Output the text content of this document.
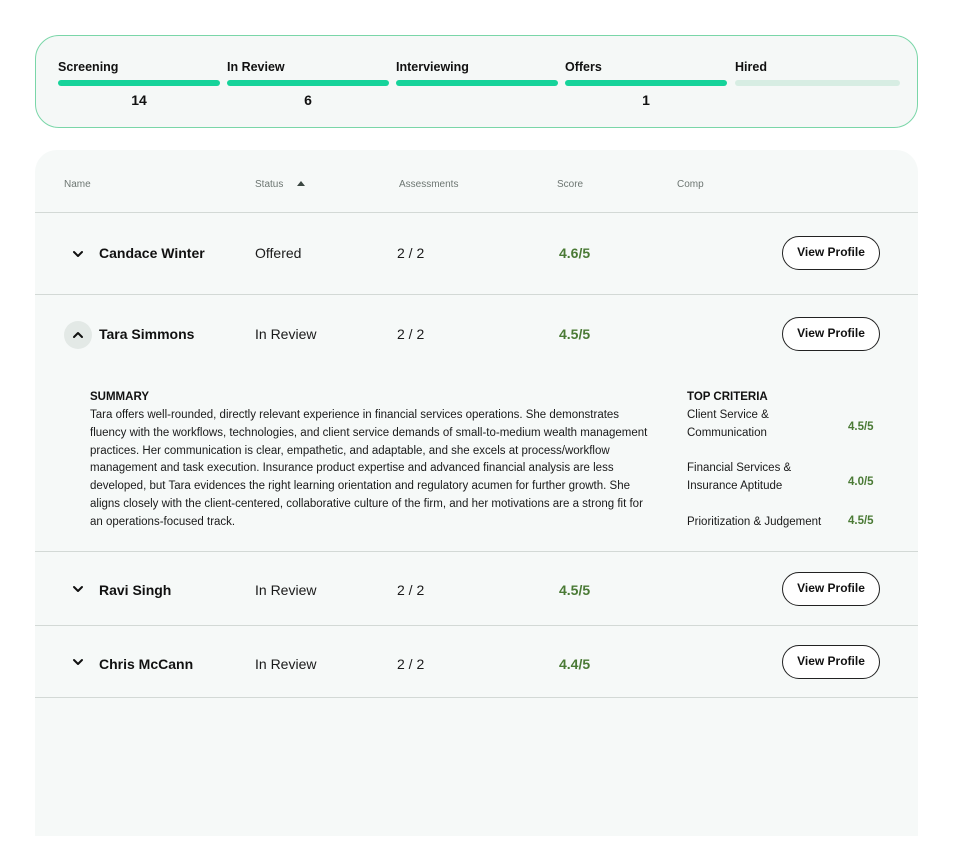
Screening
14
In Review
6
Interviewing	Offers
1
Hired
Name	Status	Assessments	Score	Comp
Candace Winter	Offered	2 / 2	4.6/5	View Profile
Tara Simmons	In Review	2 / 2	4.5/5	View Profile
SUMMARY
Tara offers well-rounded, directly relevant experience in financial services operations. She demonstrates fluency with the workflows, technologies, and client service demands of small-to-medium wealth management practices. Her communication is clear, empathetic, and adaptable, and she excels at process/workflow management and task execution. Insurance product expertise and advanced financial analysis are less developed, but Tara evidences the right learning orientation and regulatory acumen for further growth. She aligns closely with the client-centered, collaborative culture of the firm, and her motivations are a strong fit for an operations-focused track.
TOP CRITERIA
Client Service & Communication	4.5/5
Financial Services & Insurance Aptitude	4.0/5
Prioritization & Judgement	4.5/5
Ravi Singh	In Review	2 / 2	4.5/5	View Profile
Chris McCann	In Review	2 / 2	4.4/5	View Profile
